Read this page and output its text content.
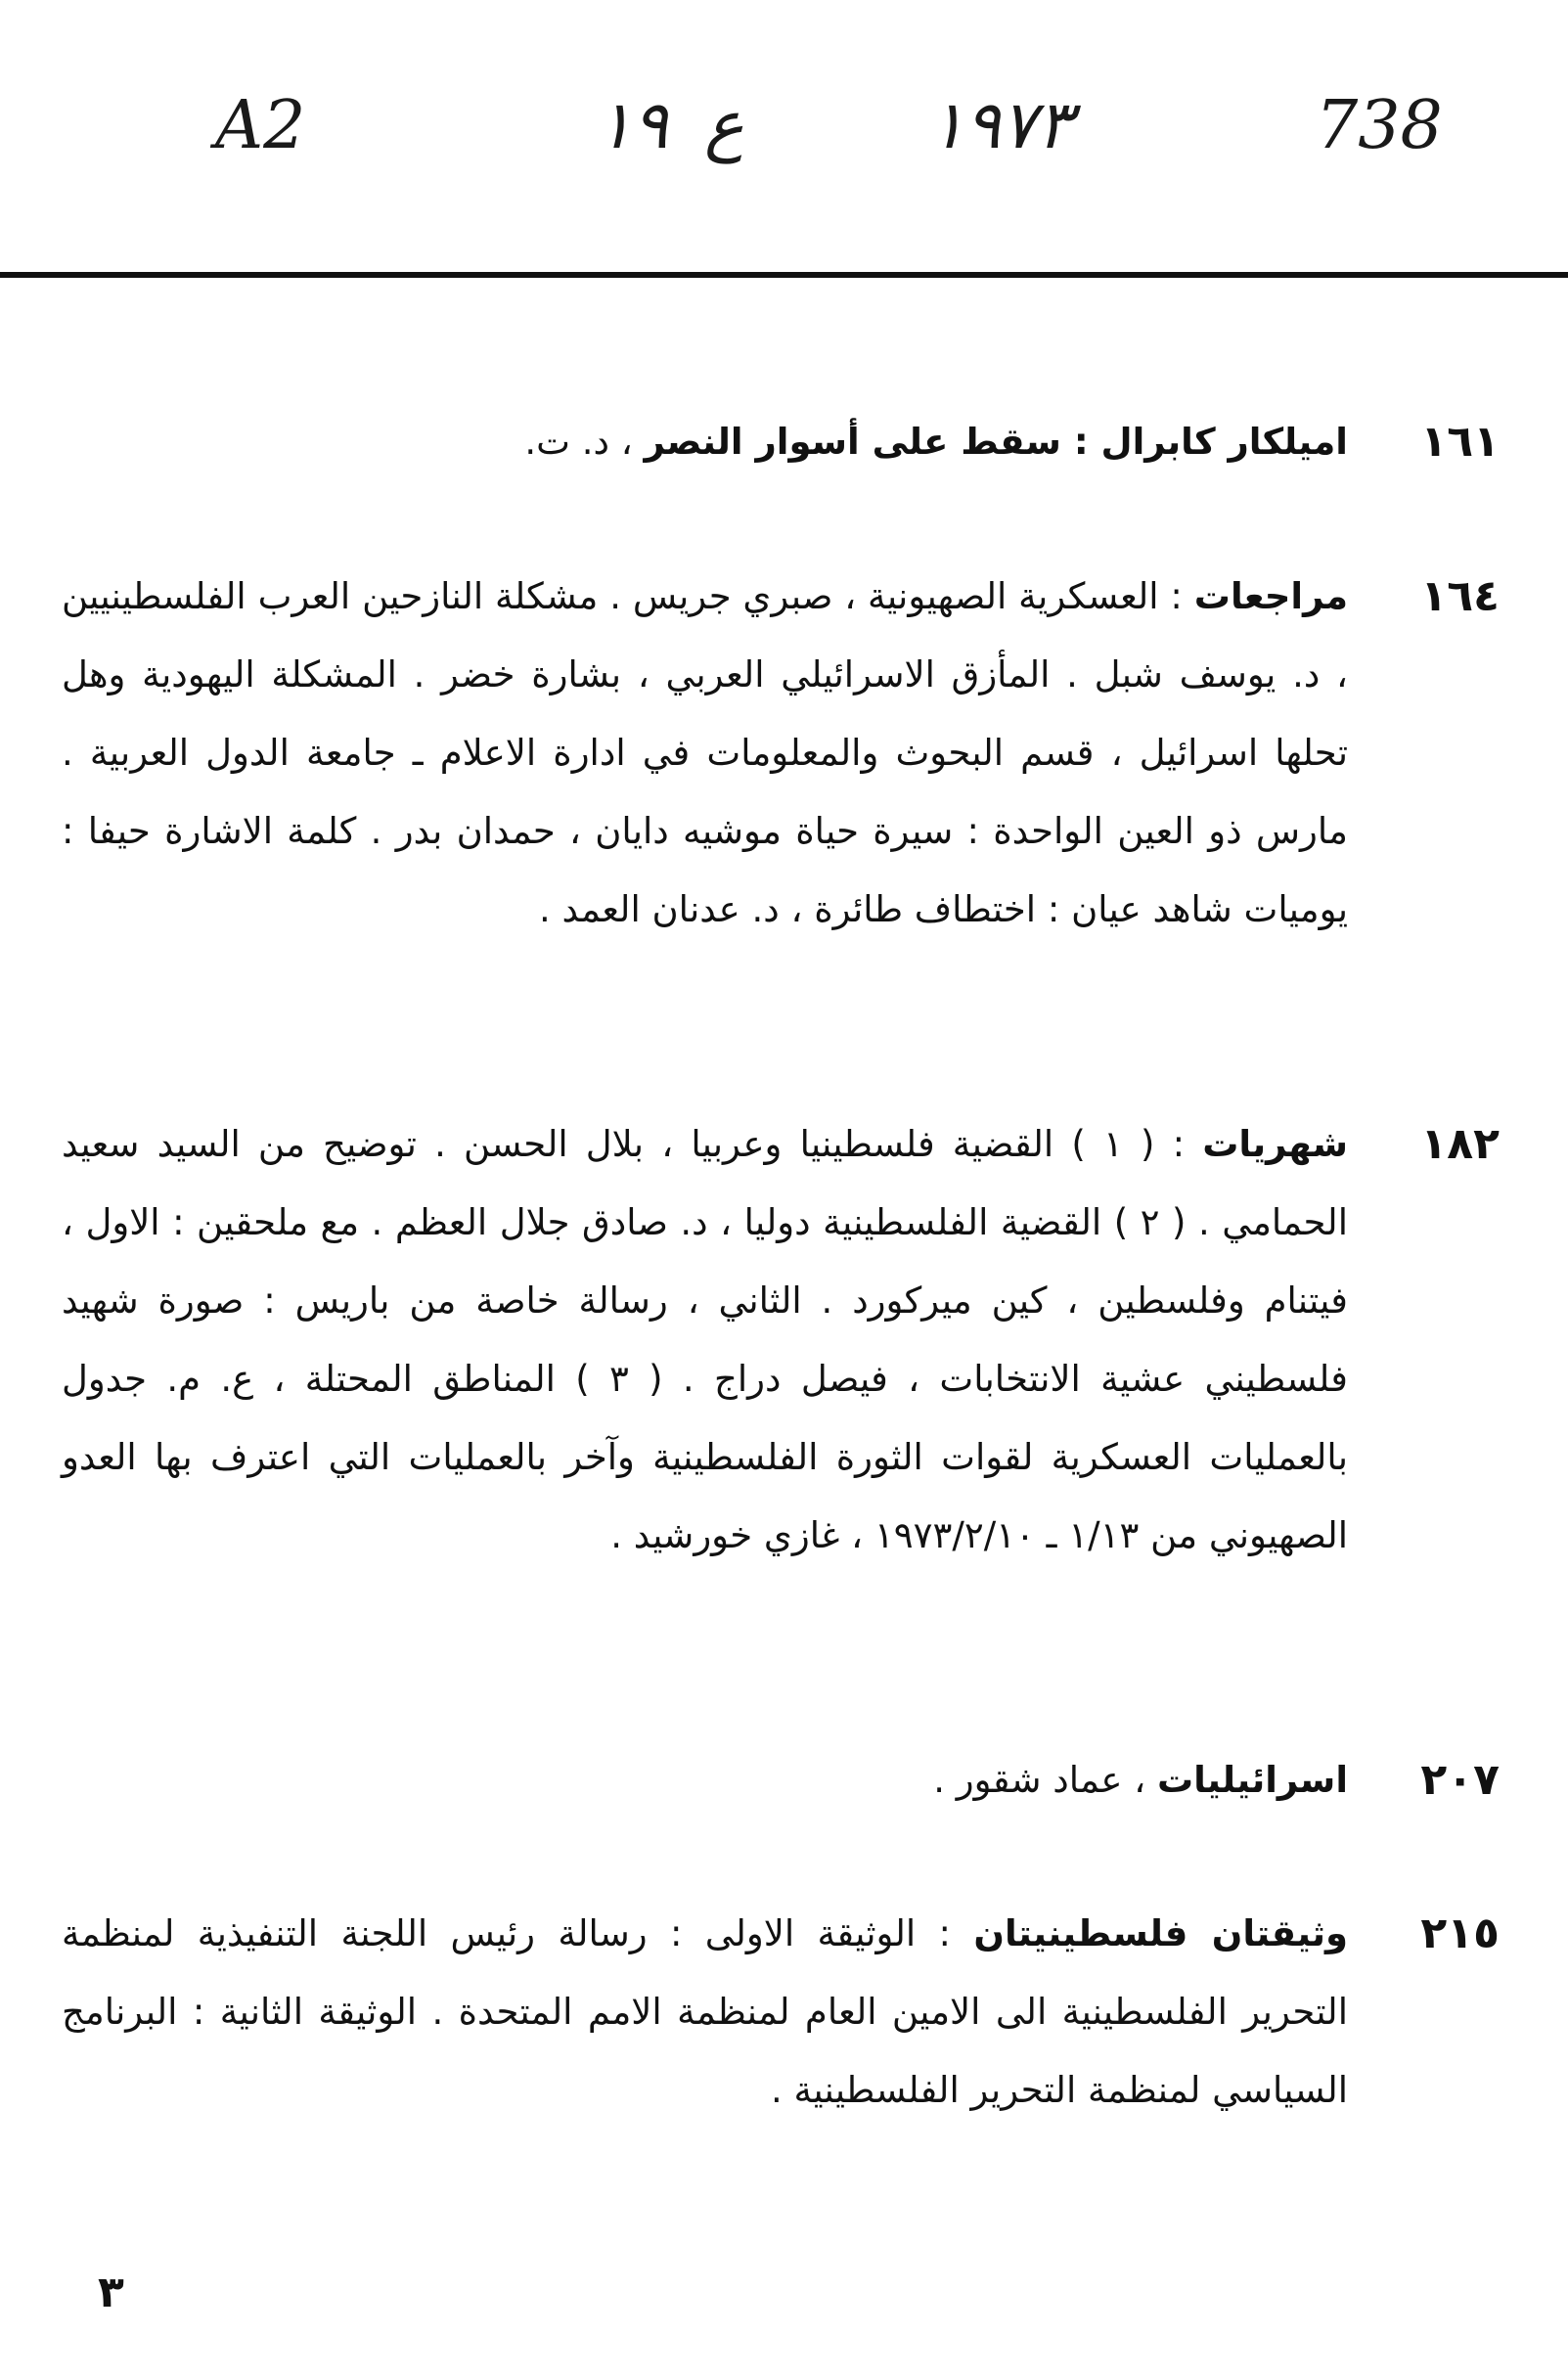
A2	١٩ ع	١٩٧٣	738
١٦١
اميلكار كابرال : سقط على أسوار النصر ، د. ت.
١٦٤
مراجعات : العسكرية الصهيونية ، صبري جريس . مشكلة النازحين العرب الفلسطينيين ، د. يوسف شبل . المأزق الاسرائيلي العربي ، بشارة خضر . المشكلة اليهودية وهل تحلها اسرائيل ، قسم البحوث والمعلومات في ادارة الاعلام ـ جامعة الدول العربية . مارس ذو العين الواحدة : سيرة حياة موشيه دايان ، حمدان بدر . كلمة الاشارة حيفا : يوميات شاهد عيان : اختطاف طائرة ، د. عدنان العمد .
١٨٢
شهريات : ( ١ ) القضية فلسطينيا وعربيا ، بلال الحسن . توضيح من السيد سعيد الحمامي . ( ٢ ) القضية الفلسطينية دوليا ، د. صادق جلال العظم . مع ملحقين : الاول ، فيتنام وفلسطين ، كين ميركورد . الثاني ، رسالة خاصة من باريس : صورة شهيد فلسطيني عشية الانتخابات ، فيصل دراج . ( ٣ ) المناطق المحتلة ، ع. م. جدول بالعمليات العسكرية لقوات الثورة الفلسطينية وآخر بالعمليات التي اعترف بها العدو الصهيوني من ١/١٣ ـ ١٩٧٣/٢/١٠ ، غازي خورشيد .
٢٠٧
اسرائيليات ، عماد شقور .
٢١٥
وثيقتان فلسطينيتان : الوثيقة الاولى : رسالة رئيس اللجنة التنفيذية لمنظمة التحرير الفلسطينية الى الامين العام لمنظمة الامم المتحدة . الوثيقة الثانية : البرنامج السياسي لمنظمة التحرير الفلسطينية .
٣
